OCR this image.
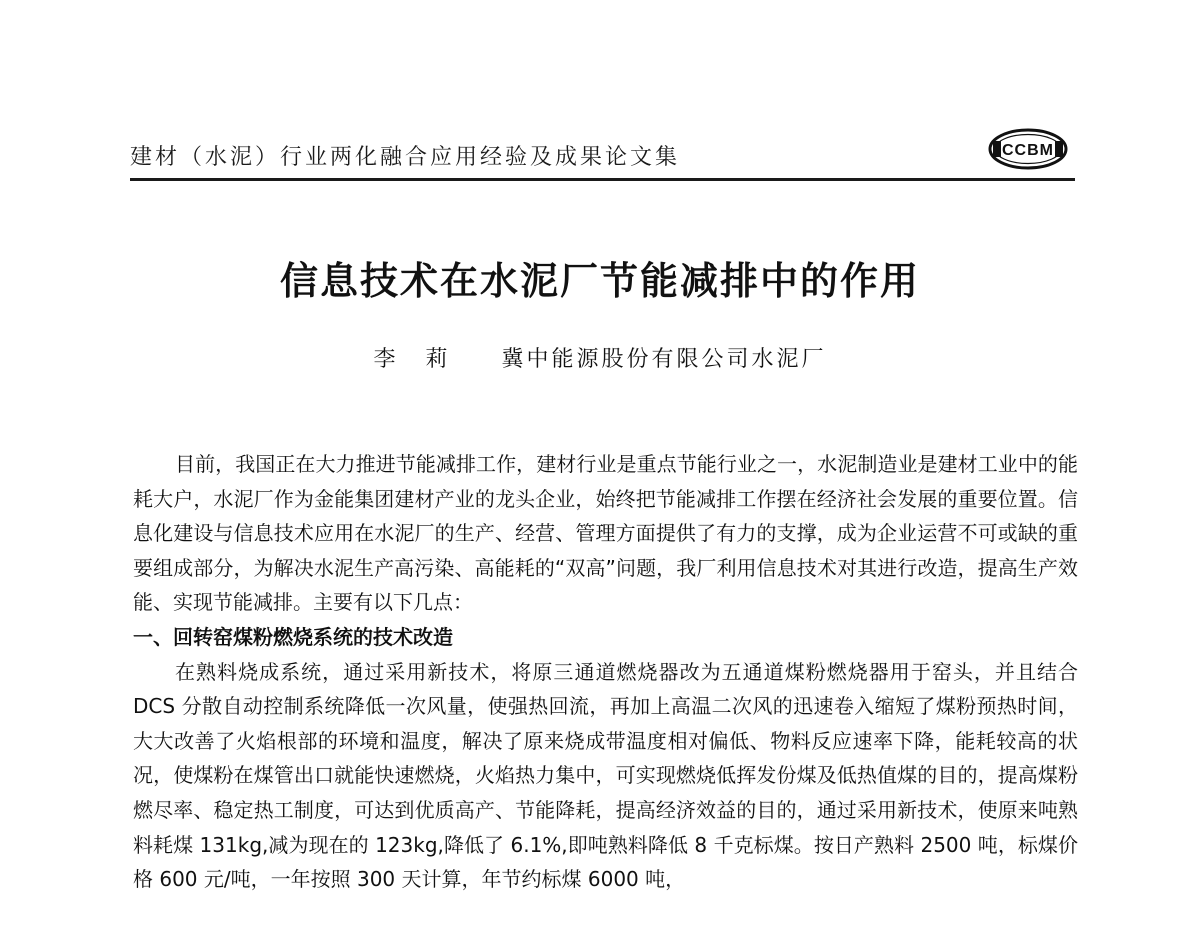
建材（水泥）行业两化融合应用经验及成果论文集	CCBM
信息技术在水泥厂节能减排中的作用
李莉 冀中能源股份有限公司水泥厂

目前，我国正在大力推进节能减排工作，建材行业是重点节能行业之一，水泥制造业是建材工业中的能耗大户，水泥厂作为金能集团建材产业的龙头企业，始终把节能减排工作摆在经济社会发展的重要位置。信息化建设与信息技术应用在水泥厂的生产、经营、管理方面提供了有力的支撑，成为企业运营不可或缺的重要组成部分，为解决水泥生产高污染、高能耗的“双高”问题，我厂利用信息技术对其进行改造，提高生产效能、实现节能减排。主要有以下几点：

一、回转窑煤粉燃烧系统的技术改造

在熟料烧成系统，通过采用新技术，将原三通道燃烧器改为五通道煤粉燃烧器用于窑头，并且结合 DCS 分散自动控制系统降低一次风量，使强热回流，再加上高温二次风的迅速卷入缩短了煤粉预热时间，大大改善了火焰根部的环境和温度，解决了原来烧成带温度相对偏低、物料反应速率下降，能耗较高的状况，使煤粉在煤管出口就能快速燃烧，火焰热力集中，可实现燃烧低挥发份煤及低热值煤的目的，提高煤粉燃尽率、稳定热工制度，可达到优质高产、节能降耗，提高经济效益的目的，通过采用新技术，使原来吨熟料耗煤 131kg,减为现在的 123kg,降低了 6.1%,即吨熟料降低 8 千克标煤。按日产熟料 2500 吨，标煤价格 600 元/吨，一年按照 300 天计算，年节约标煤 6000 吨，
